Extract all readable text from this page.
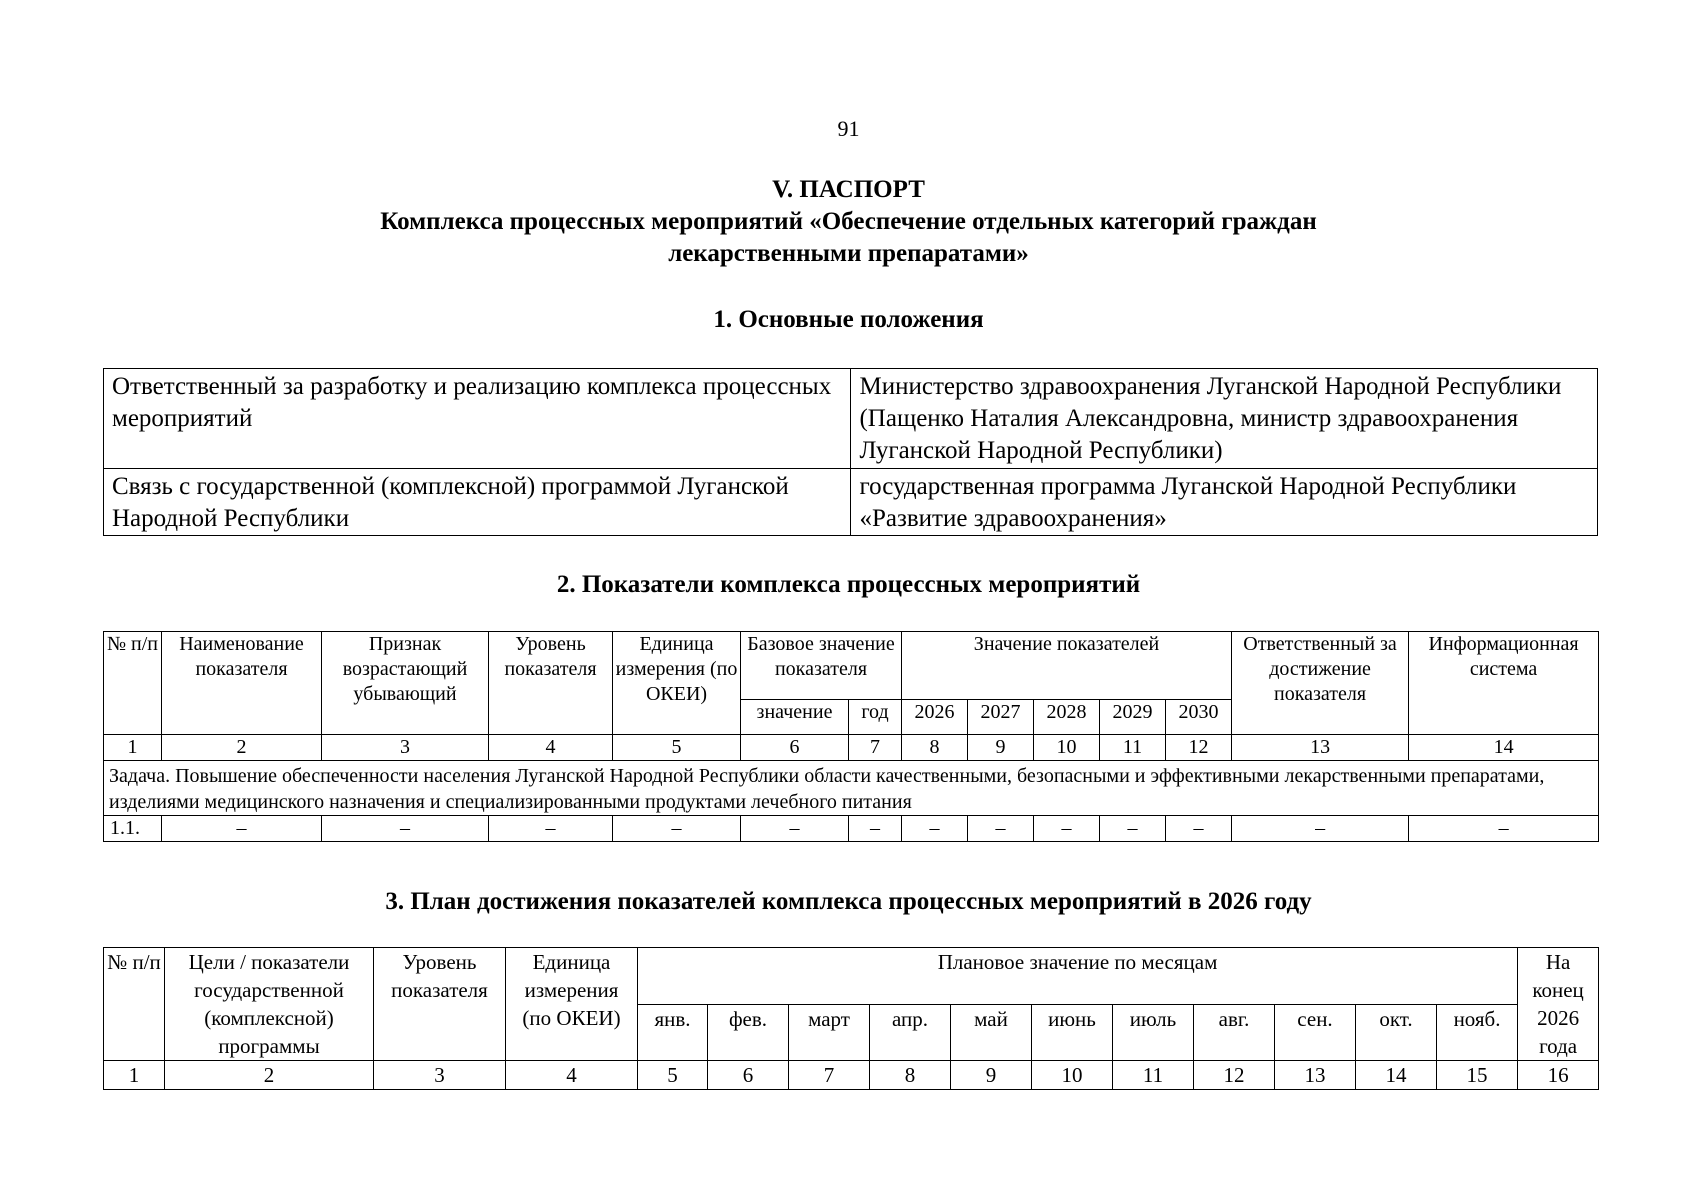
91
V. ПАСПОРТ
Комплекса процессных мероприятий «Обеспечение отдельных категорий граждан
лекарственными препаратами»
1. Основные положения
Ответственный за разработку и реализацию комплекса процессных мероприятий	Министерство здравоохранения Луганской Народной Республики (Пащенко Наталия Александровна, министр здравоохранения Луганской Народной Республики)
Связь с государственной (комплексной) программой Луганской Народной Республики	государственная программа Луганской Народной Республики «Развитие здравоохранения»
2. Показатели комплекса процессных мероприятий
№ п/п	Наименование показателя	Признак возрастающий убывающий	Уровень показателя	Единица измерения (по ОКЕИ)	Базовое значение показателя		Значение показателей					Ответственный за достижение показателя	Информационная система
					значение	год	2026	2027	2028	2029	2030		
1	2	3	4	5	6	7	8	9	10	11	12	13	14
Задача. Повышение обеспеченности населения Луганской Народной Республики области качественными, безопасными и эффективными лекарственными препаратами, изделиями медицинского назначения и специализированными продуктами лечебного питания													
1.1.	–	–	–	–	–	–	–	–	–	–	–	–	–
3. План достижения показателей комплекса процессных мероприятий в 2026 году
№ п/п	Цели / показатели государственной (комплексной) программы	Уровень показателя	Единица измерения (по ОКЕИ)	Плановое значение по месяцам											На конец 2026 года
				янв.	фев.	март	апр.	май	июнь	июль	авг.	сен.	окт.	нояб.	
1	2	3	4	5	6	7	8	9	10	11	12	13	14	15	16
